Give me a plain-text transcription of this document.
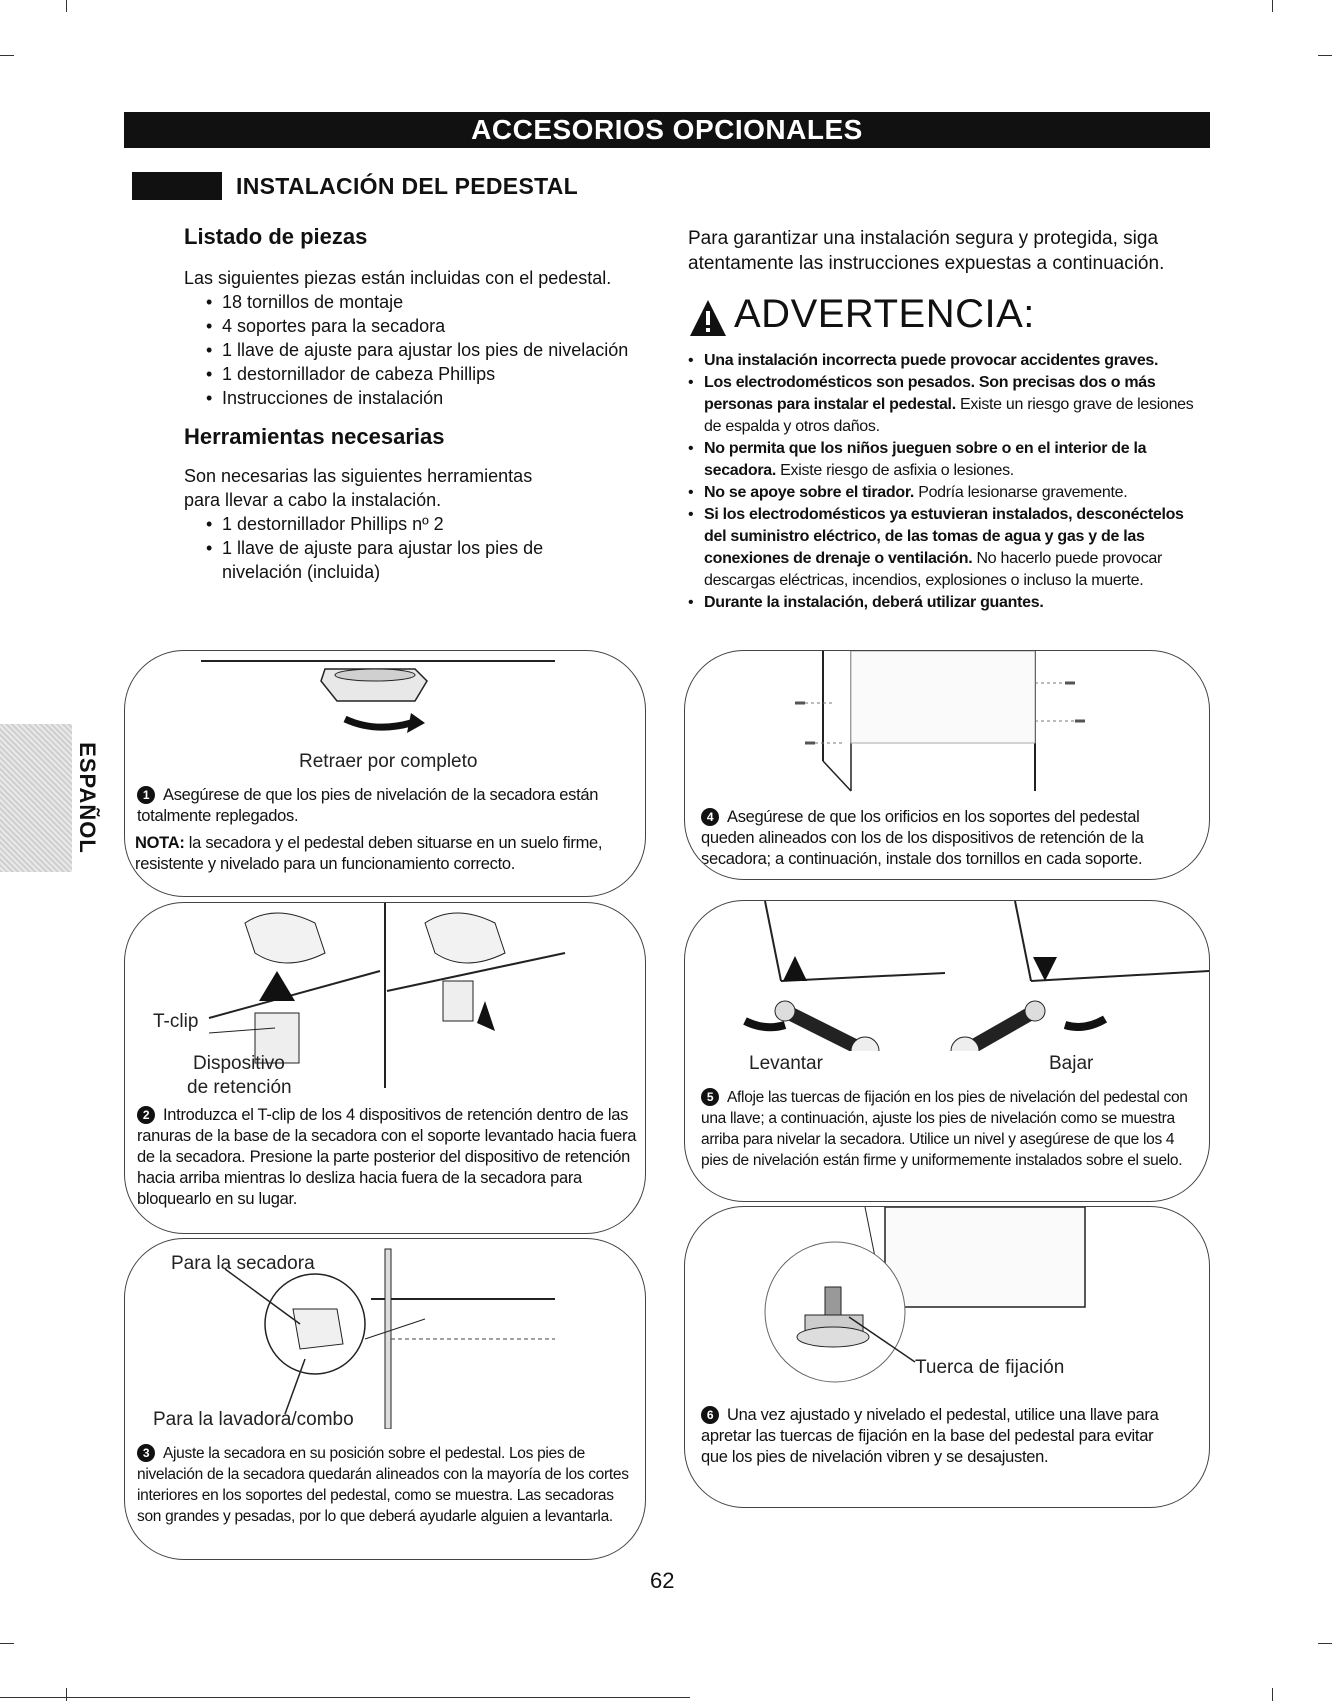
ACCESORIOS OPCIONALES
INSTALACIÓN DEL PEDESTAL
ESPAÑOL
Listado de piezas
Las siguientes piezas están incluidas con el pedestal.
• 18 tornillos de montaje
• 4 soportes para la secadora
• 1 llave de ajuste para ajustar los pies de nivelación
• 1 destornillador de cabeza Phillips
• Instrucciones de instalación
Herramientas necesarias
Son necesarias las siguientes herramientas
para llevar a cabo la instalación.
• 1 destornillador Phillips nº 2
• 1 llave de ajuste para ajustar los pies de nivelación (incluida)
Para garantizar una instalación segura y protegida, siga atentamente las instrucciones expuestas a continuación.
ADVERTENCIA:
• Una instalación incorrecta puede provocar accidentes graves.
• Los electrodomésticos son pesados. Son precisas dos o más personas para instalar el pedestal. Existe un riesgo grave de lesiones de espalda y otros daños.
• No permita que los niños jueguen sobre o en el interior de la secadora. Existe riesgo de asfixia o lesiones.
• No se apoye sobre el tirador. Podría lesionarse gravemente.
• Si los electrodomésticos ya estuvieran instalados, desconéctelos del suministro eléctrico, de las tomas de agua y gas y de las conexiones de drenaje o ventilación. No hacerlo puede provocar descargas eléctricas, incendios, explosiones o incluso la muerte.
• Durante la instalación, deberá utilizar guantes.
Retraer por completo
1 Asegúrese de que los pies de nivelación de la secadora están totalmente replegados.
NOTA: la secadora y el pedestal deben situarse en un suelo firme, resistente y nivelado para un funcionamiento correcto.
T-clip
Dispositivo
de retención
2 Introduzca el T-clip de los 4 dispositivos de retención dentro de las ranuras de la base de la secadora con el soporte levantado hacia fuera de la secadora. Presione la parte posterior del dispositivo de retención hacia arriba mientras lo desliza hacia fuera de la secadora para bloquearlo en su lugar.
Para la secadora
Para la lavadora/combo
3 Ajuste la secadora en su posición sobre el pedestal. Los pies de nivelación de la secadora quedarán alineados con la mayoría de los cortes interiores en los soportes del pedestal, como se muestra. Las secadoras son grandes y pesadas, por lo que deberá ayudarle alguien a levantarla.
4 Asegúrese de que los orificios en los soportes del pedestal queden alineados con los de los dispositivos de retención de la secadora; a continuación, instale dos tornillos en cada soporte.
Levantar	Bajar
5 Afloje las tuercas de fijación en los pies de nivelación del pedestal con una llave; a continuación, ajuste los pies de nivelación como se muestra arriba para nivelar la secadora. Utilice un nivel y asegúrese de que los 4 pies de nivelación están firme y uniformemente instalados sobre el suelo.
Tuerca de fijación
6 Una vez ajustado y nivelado el pedestal, utilice una llave para apretar las tuercas de fijación en la base del pedestal para evitar que los pies de nivelación vibren y se desajusten.
62
